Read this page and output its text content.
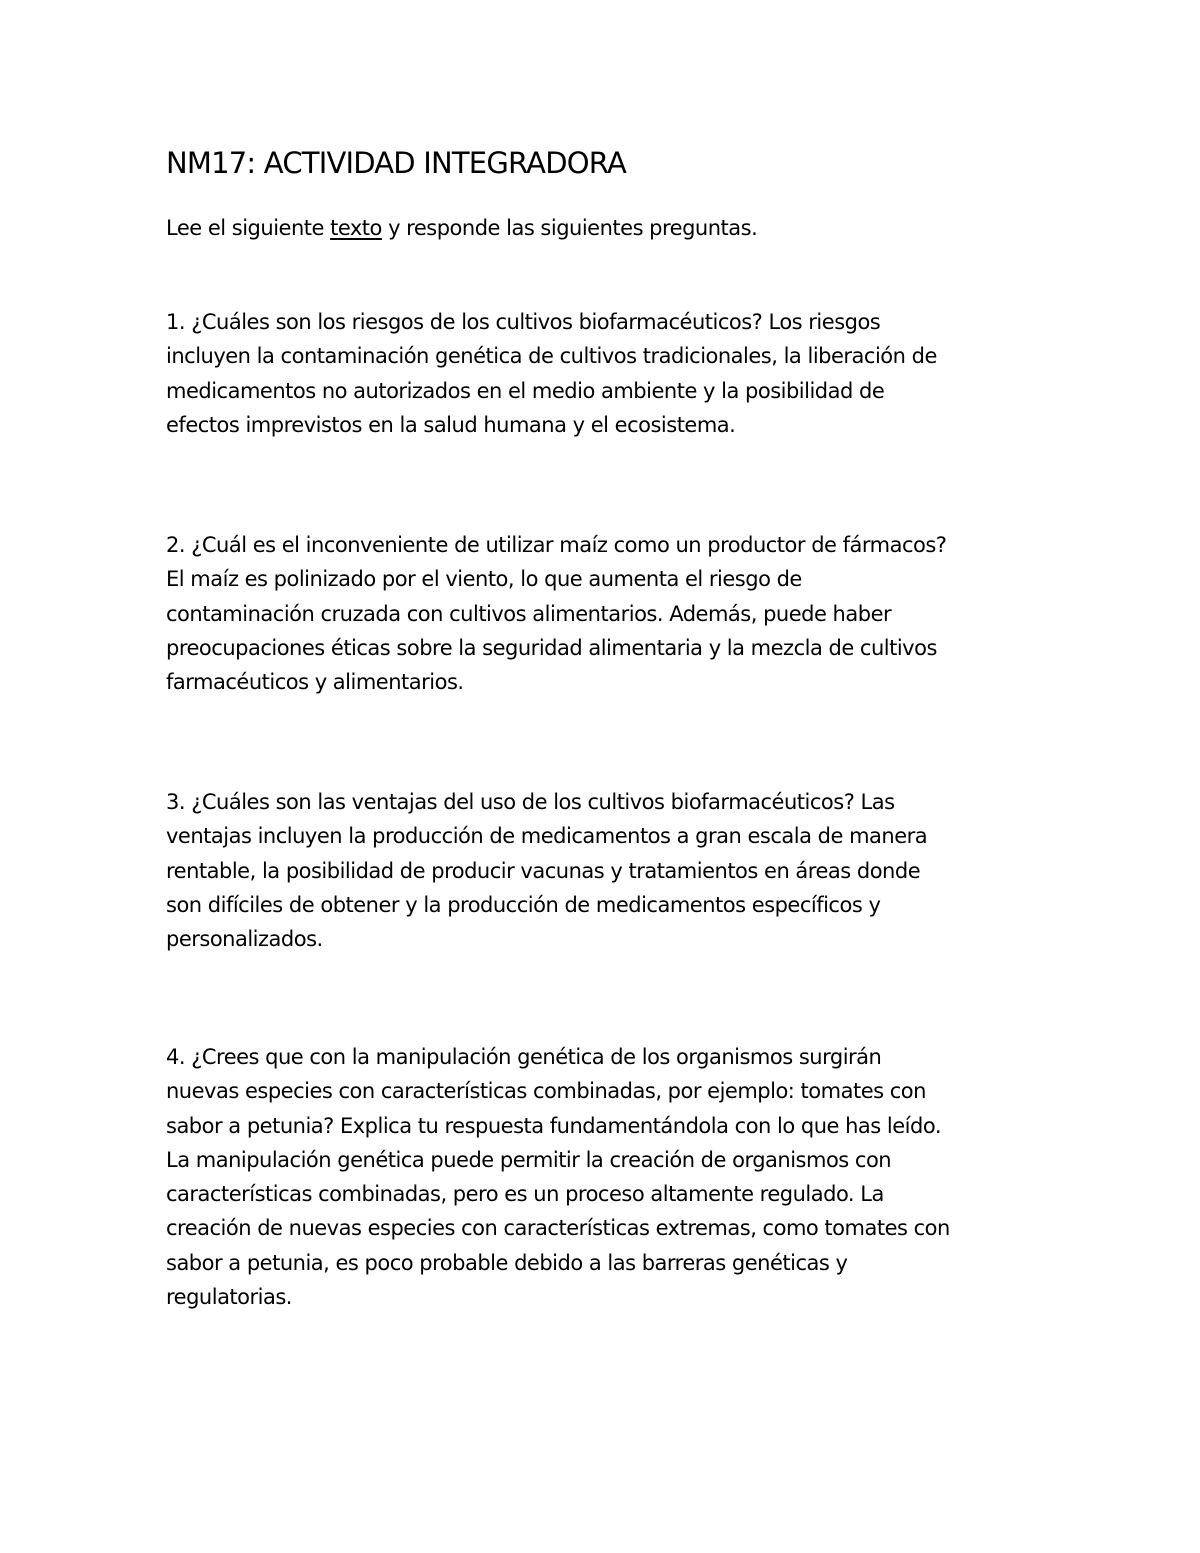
NM17: ACTIVIDAD INTEGRADORA

Lee el siguiente texto y responde las siguientes preguntas.

1. ¿Cuáles son los riesgos de los cultivos biofarmacéuticos? Los riesgos
incluyen la contaminación genética de cultivos tradicionales, la liberación de
medicamentos no autorizados en el medio ambiente y la posibilidad de
efectos imprevistos en la salud humana y el ecosistema.
2. ¿Cuál es el inconveniente de utilizar maíz como un productor de fármacos?
El maíz es polinizado por el viento, lo que aumenta el riesgo de
contaminación cruzada con cultivos alimentarios. Además, puede haber
preocupaciones éticas sobre la seguridad alimentaria y la mezcla de cultivos
farmacéuticos y alimentarios.
3. ¿Cuáles son las ventajas del uso de los cultivos biofarmacéuticos? Las
ventajas incluyen la producción de medicamentos a gran escala de manera
rentable, la posibilidad de producir vacunas y tratamientos en áreas donde
son difíciles de obtener y la producción de medicamentos específicos y
personalizados.
4. ¿Crees que con la manipulación genética de los organismos surgirán
nuevas especies con características combinadas, por ejemplo: tomates con
sabor a petunia? Explica tu respuesta fundamentándola con lo que has leído.
La manipulación genética puede permitir la creación de organismos con
características combinadas, pero es un proceso altamente regulado. La
creación de nuevas especies con características extremas, como tomates con
sabor a petunia, es poco probable debido a las barreras genéticas y
regulatorias.
